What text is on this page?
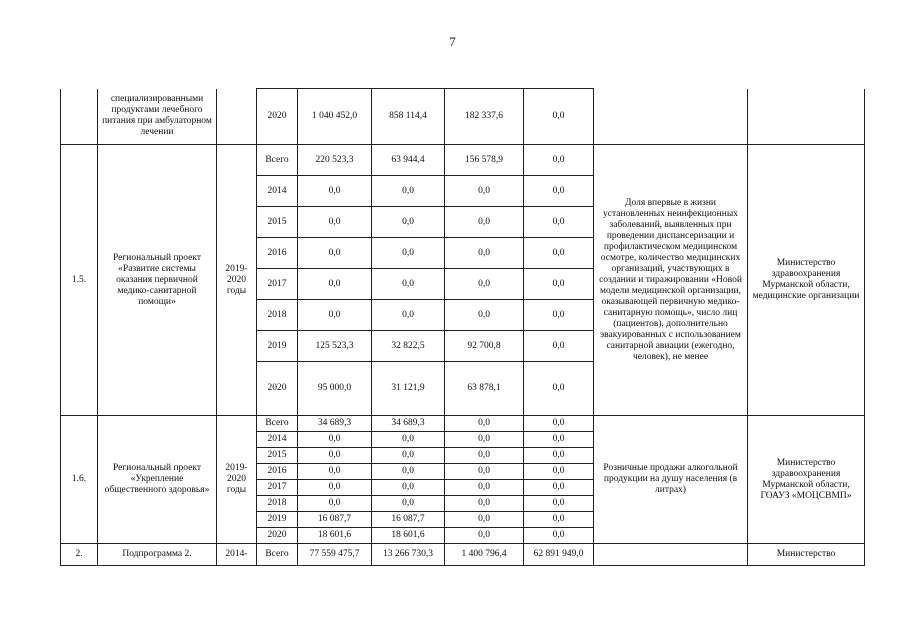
7
	специализированными продуктами лечебного питания при амбулаторном лечении		2020	1 040 452,0	858 114,4	182 337,6	0,0		
1.5.	Региональный проект «Развитие системы оказания первичной медико-санитарной помощи»	2019-2020 годы	Всего	220 523,3	63 944,4	156 578,9	0,0	Доля впервые в жизни установленных неинфекционных заболеваний, выявленных при проведении диспансеризации и профилактическом медицинском осмотре, количество медицинских организаций, участвующих в создании и тиражировании «Новой модели медицинской организации, оказывающей первичную медико-санитарную помощь», число лиц (пациентов), дополнительно эвакуированных с использованием санитарной авиации (ежегодно, человек), не менее	Министерство здравоохранения Мурманской области, медицинские организации
			2014	0,0	0,0	0,0	0,0		
			2015	0,0	0,0	0,0	0,0		
			2016	0,0	0,0	0,0	0,0		
			2017	0,0	0,0	0,0	0,0		
			2018	0,0	0,0	0,0	0,0		
			2019	125 523,3	32 822,5	92 700,8	0,0		
			2020	95 000,0	31 121,9	63 878,1	0,0		
1.6.	Региональный проект «Укрепление общественного здоровья»	2019-2020 годы	Всего	34 689,3	34 689,3	0,0	0,0	Розничные продажи алкогольной продукции на душу населения (в литрах)	Министерство здравоохранения Мурманской области, ГОАУЗ «МОЦСВМП»
			2014	0,0	0,0	0,0	0,0		
			2015	0,0	0,0	0,0	0,0		
			2016	0,0	0,0	0,0	0,0		
			2017	0,0	0,0	0,0	0,0		
			2018	0,0	0,0	0,0	0,0		
			2019	16 087,7	16 087,7	0,0	0,0		
			2020	18 601,6	18 601,6	0,0	0,0		
2.	Подпрограмма 2.	2014-	Всего	77 559 475,7	13 266 730,3	1 400 796,4	62 891 949,0		Министерство
